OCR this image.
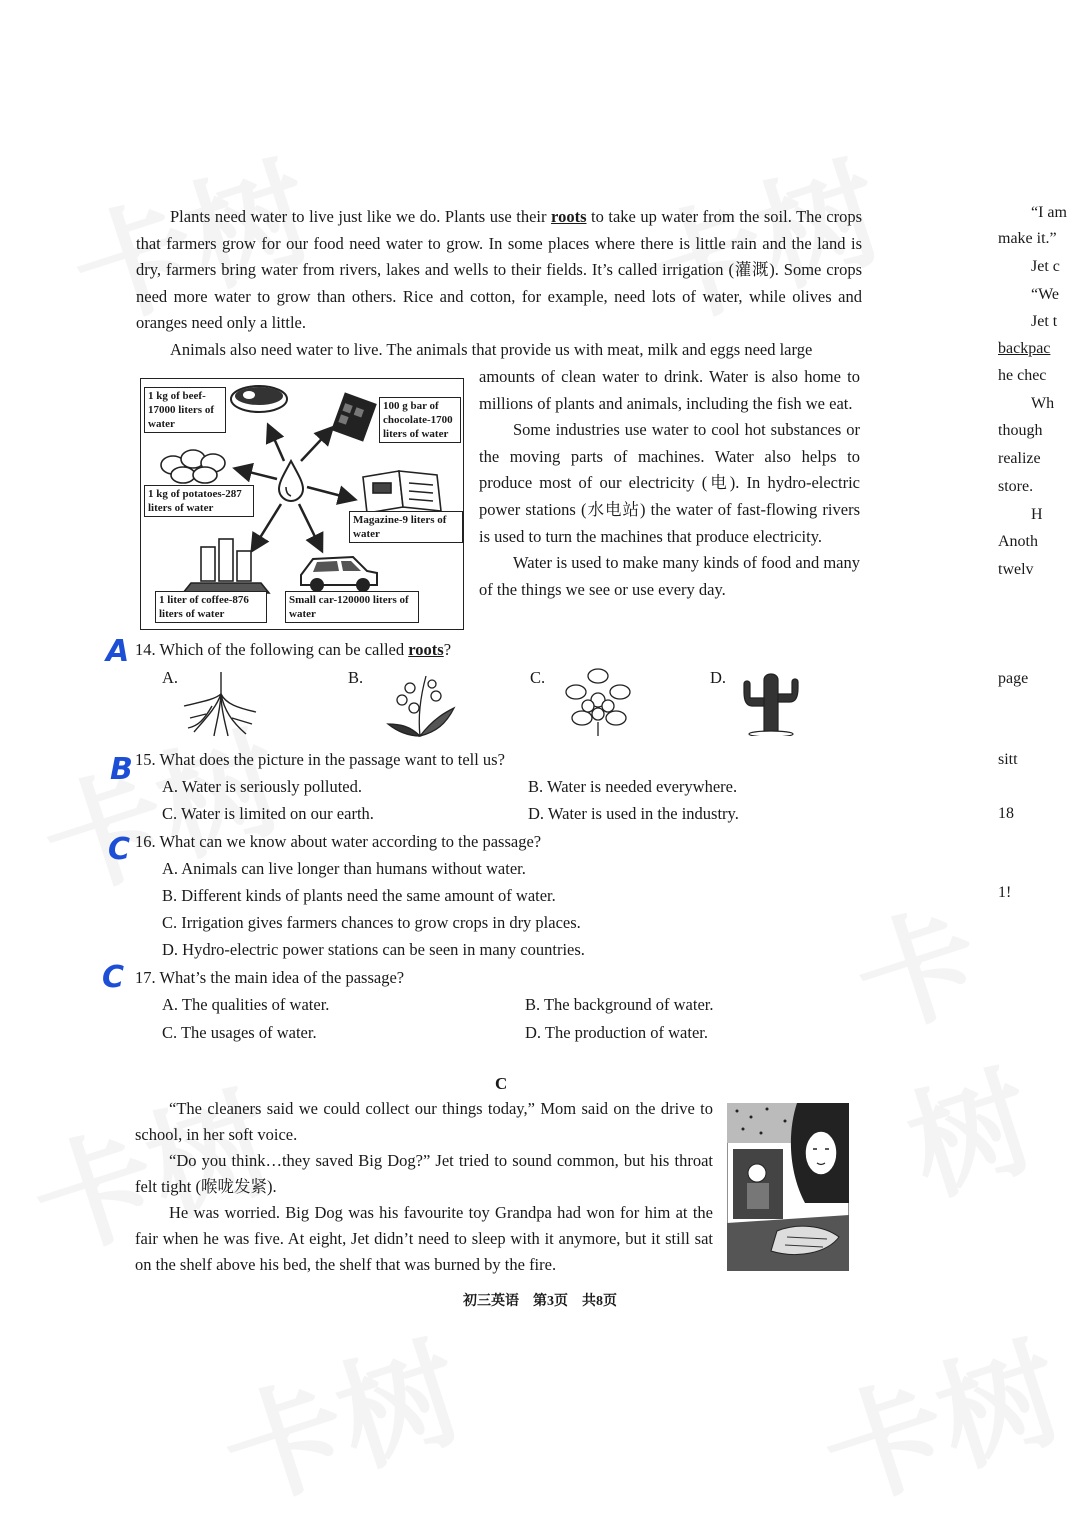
Plants need water to live just like we do. Plants use their roots to take up water from the soil. The crops that farmers grow for our food need water to grow. In some places where there is little rain and the land is dry, farmers bring water from rivers, lakes and wells to their fields. It’s called irrigation (灌溉). Some crops need more water to grow than others. Rice and cotton, for example, need lots of water, while olives and oranges need only a little.

Animals also need water to live. The animals that provide us with meat, milk and eggs need large

1 kg of beef-17000 liters of water
100 g bar of chocolate-1700 liters of water
1 kg of potatoes-287 liters of water
Magazine-9 liters of water
1 liter of coffee-876 liters of water
Small car-120000 liters of water

amounts of clean water to drink. Water is also home to millions of plants and animals, including the fish we eat.

Some industries use water to cool hot substances or the moving parts of machines. Water also helps to produce most of our electricity (电). In hydro-electric power stations (水电站) the water of fast-flowing rivers is used to turn the machines that produce electricity.

Water is used to make many kinds of food and many of the things we see or use every day.

A 14. Which of the following can be called roots?
A.	B.	C.	D.
B 15. What does the picture in the passage want to tell us?
A. Water is seriously polluted.	B. Water is needed everywhere.
C. Water is limited on our earth.	D. Water is used in the industry.
C 16. What can we know about water according to the passage?
A. Animals can live longer than humans without water.
B. Different kinds of plants need the same amount of water.
C. Irrigation gives farmers chances to grow crops in dry places.
D. Hydro-electric power stations can be seen in many countries.
C 17. What’s the main idea of the passage?
A. The qualities of water.	B. The background of water.
C. The usages of water.	D. The production of water.
C

“The cleaners said we could collect our things today,” Mom said on the drive to school, in her soft voice.

“Do you think…they saved Big Dog?” Jet tried to sound common, but his throat felt tight (喉咙发紧).

He was worried. Big Dog was his favourite toy Grandpa had won for him at the fair when he was five. At eight, Jet didn’t need to sleep with it anymore, but it still sat on the shelf above his bed, the shelf that was burned by the fire.

初三英语　第3页　共8页
“I am
make it.”
Jet c
“We
Jet t
backpac
he chec
Wh
though
realize
store.
H
Anoth
twelv
page
sitt
18
1!
